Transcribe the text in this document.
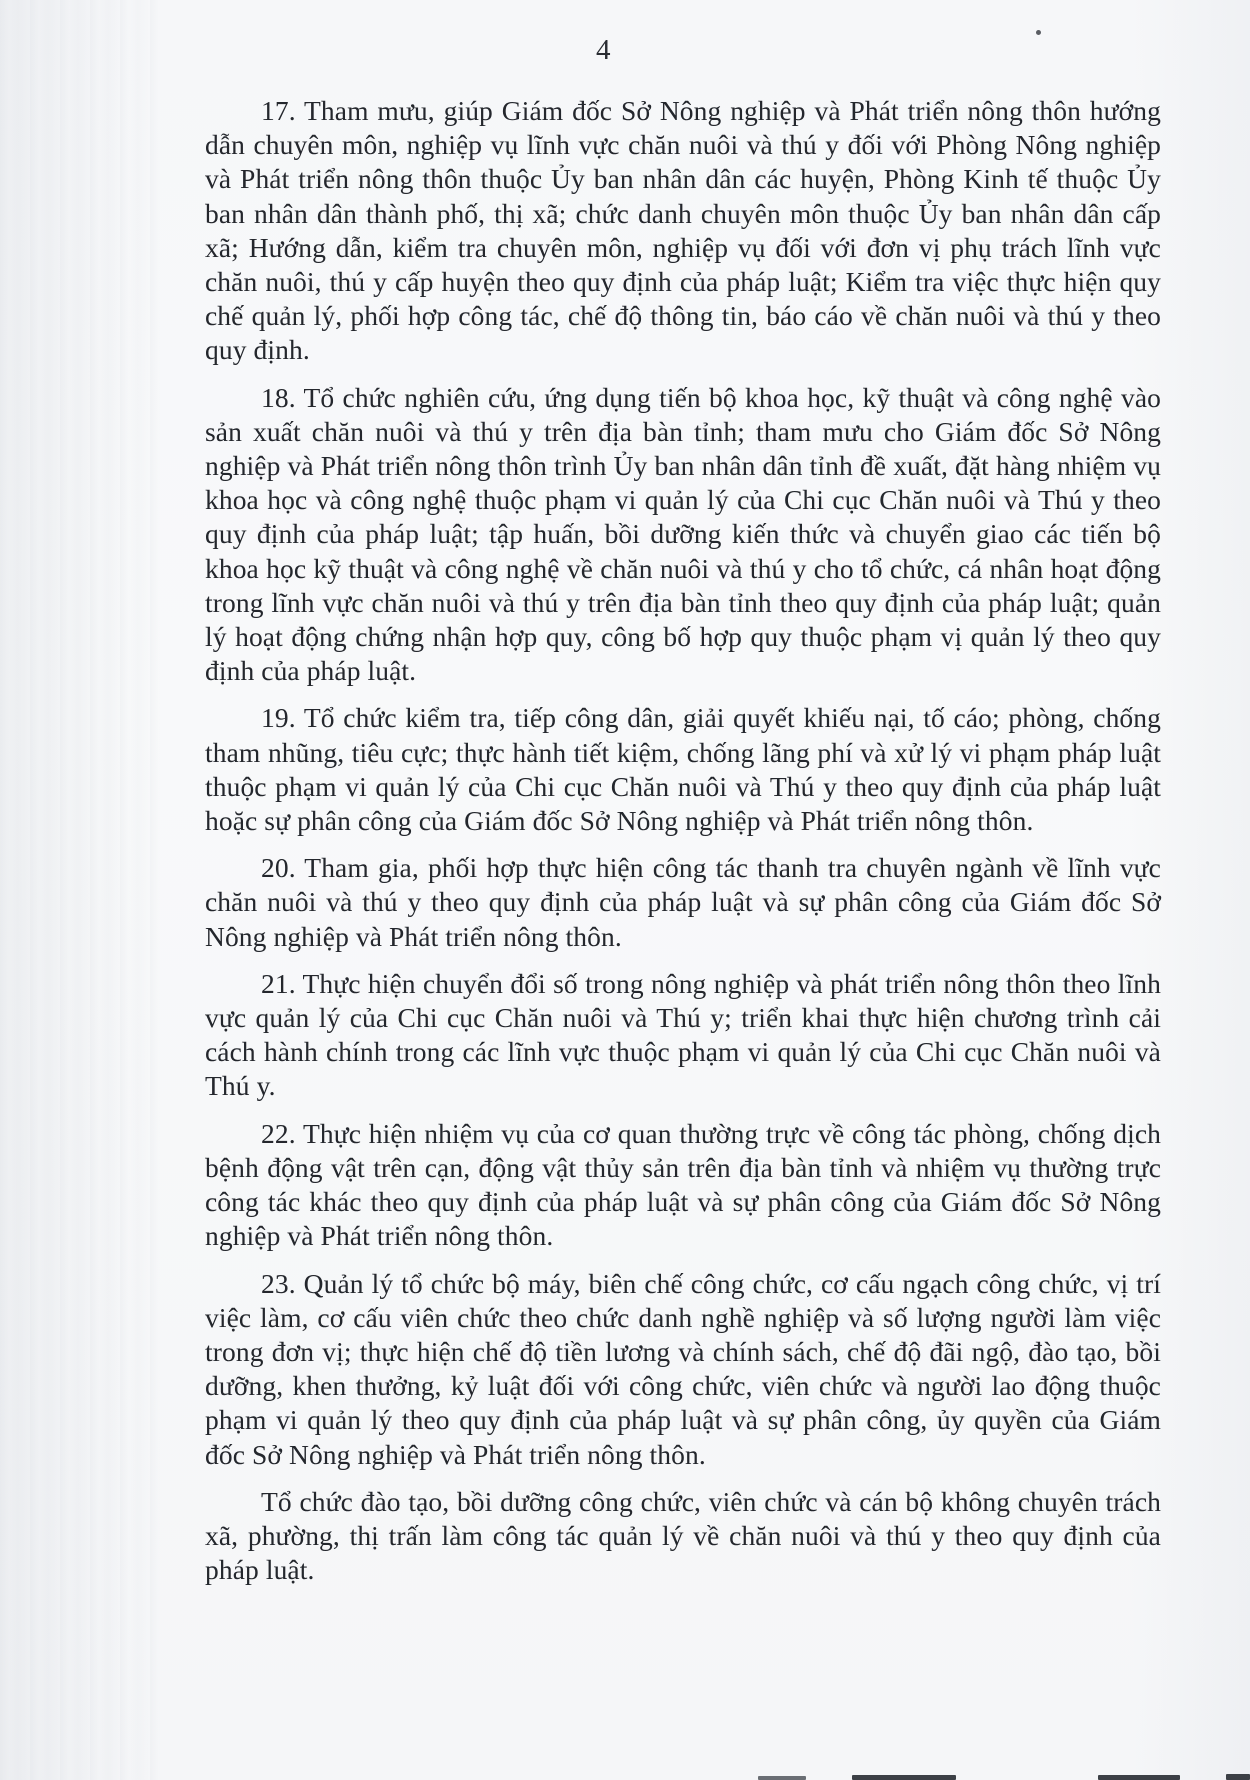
4

17. Tham mưu, giúp Giám đốc Sở Nông nghiệp và Phát triển nông thôn hướng dẫn chuyên môn, nghiệp vụ lĩnh vực chăn nuôi và thú y đối với Phòng Nông nghiệp và Phát triển nông thôn thuộc Ủy ban nhân dân các huyện, Phòng Kinh tế thuộc Ủy ban nhân dân thành phố, thị xã; chức danh chuyên môn thuộc Ủy ban nhân dân cấp xã; Hướng dẫn, kiểm tra chuyên môn, nghiệp vụ đối với đơn vị phụ trách lĩnh vực chăn nuôi, thú y cấp huyện theo quy định của pháp luật; Kiểm tra việc thực hiện quy chế quản lý, phối hợp công tác, chế độ thông tin, báo cáo về chăn nuôi và thú y theo quy định.

18. Tổ chức nghiên cứu, ứng dụng tiến bộ khoa học, kỹ thuật và công nghệ vào sản xuất chăn nuôi và thú y trên địa bàn tỉnh; tham mưu cho Giám đốc Sở Nông nghiệp và Phát triển nông thôn trình Ủy ban nhân dân tỉnh đề xuất, đặt hàng nhiệm vụ khoa học và công nghệ thuộc phạm vi quản lý của Chi cục Chăn nuôi và Thú y theo quy định của pháp luật; tập huấn, bồi dưỡng kiến thức và chuyển giao các tiến bộ khoa học kỹ thuật và công nghệ về chăn nuôi và thú y cho tổ chức, cá nhân hoạt động trong lĩnh vực chăn nuôi và thú y trên địa bàn tỉnh theo quy định của pháp luật; quản lý hoạt động chứng nhận hợp quy, công bố hợp quy thuộc phạm vị quản lý theo quy định của pháp luật.

19. Tổ chức kiểm tra, tiếp công dân, giải quyết khiếu nại, tố cáo; phòng, chống tham nhũng, tiêu cực; thực hành tiết kiệm, chống lãng phí và xử lý vi phạm pháp luật thuộc phạm vi quản lý của Chi cục Chăn nuôi và Thú y theo quy định của pháp luật hoặc sự phân công của Giám đốc Sở Nông nghiệp và Phát triển nông thôn.

20. Tham gia, phối hợp thực hiện công tác thanh tra chuyên ngành về lĩnh vực chăn nuôi và thú y theo quy định của pháp luật và sự phân công của Giám đốc Sở Nông nghiệp và Phát triển nông thôn.

21. Thực hiện chuyển đổi số trong nông nghiệp và phát triển nông thôn theo lĩnh vực quản lý của Chi cục Chăn nuôi và Thú y; triển khai thực hiện chương trình cải cách hành chính trong các lĩnh vực thuộc phạm vi quản lý của Chi cục Chăn nuôi và Thú y.

22. Thực hiện nhiệm vụ của cơ quan thường trực về công tác phòng, chống dịch bệnh động vật trên cạn, động vật thủy sản trên địa bàn tỉnh và nhiệm vụ thường trực công tác khác theo quy định của pháp luật và sự phân công của Giám đốc Sở Nông nghiệp và Phát triển nông thôn.

23. Quản lý tổ chức bộ máy, biên chế công chức, cơ cấu ngạch công chức, vị trí việc làm, cơ cấu viên chức theo chức danh nghề nghiệp và số lượng người làm việc trong đơn vị; thực hiện chế độ tiền lương và chính sách, chế độ đãi ngộ, đào tạo, bồi dưỡng, khen thưởng, kỷ luật đối với công chức, viên chức và người lao động thuộc phạm vi quản lý theo quy định của pháp luật và sự phân công, ủy quyền của Giám đốc Sở Nông nghiệp và Phát triển nông thôn.

Tổ chức đào tạo, bồi dưỡng công chức, viên chức và cán bộ không chuyên trách xã, phường, thị trấn làm công tác quản lý về chăn nuôi và thú y theo quy định của pháp luật.
